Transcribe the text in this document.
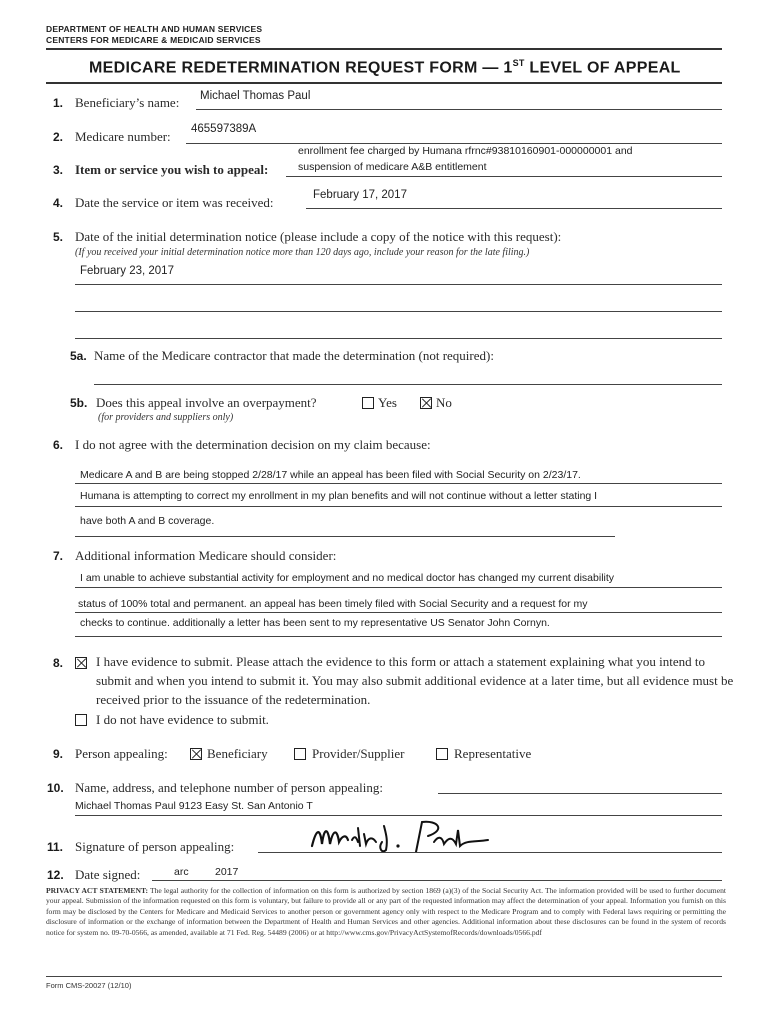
DEPARTMENT OF HEALTH AND HUMAN SERVICES
CENTERS FOR MEDICARE & MEDICAID SERVICES
MEDICARE REDETERMINATION REQUEST FORM — 1ST LEVEL OF APPEAL
1. Beneficiary’s name: Michael Thomas Paul
2. Medicare number: 465597389A
3. Item or service you wish to appeal:
enrollment fee charged by Humana rfrnc#93810160901-000000001 and
suspension of medicare A&B entitlement
4. Date the service or item was received:	February 17, 2017
5. Date of the initial determination notice (please include a copy of the notice with this request):
(If you received your initial determination notice more than 120 days ago, include your reason for the late filing.)
February 23, 2017
5a. Name of the Medicare contractor that made the determination (not required):
5b. Does this appeal involve an overpayment?	Yes	No
(for providers and suppliers only)
6. I do not agree with the determination decision on my claim because:
Medicare A and B are being stopped 2/28/17 while an appeal has been filed with Social Security on 2/23/17.
Humana is attempting to correct my enrollment in my plan benefits and will not continue without a letter stating I
have both A and B coverage.
7. Additional information Medicare should consider:
I am unable to achieve substantial activity for employment and no medical doctor has changed my current disability
status of 100% total and permanent. an appeal has been timely filed with Social Security and a request for my
checks to continue. additionally a letter has been sent to my representative US Senator John Cornyn.
8.	I have evidence to submit. Please attach the evidence to this form or attach a statement explaining what you intend to submit and when you intend to submit it. You may also submit additional evidence at a later time, but all evidence must be received prior to the issuance of the redetermination.
I do not have evidence to submit.
9. Person appealing:	Beneficiary	Provider/Supplier	Representative
10. Name, address, and telephone number of person appealing:
Michael Thomas Paul 9123 Easy St. San Antonio T
11. Signature of person appealing:
12. Date signed:	arc	2017
PRIVACY ACT STATEMENT: The legal authority for the collection of information on this form is authorized by section 1869 (a)(3) of the Social Security Act. The information provided will be used to further document your appeal. Submission of the information requested on this form is voluntary, but failure to provide all or any part of the requested information may affect the determination of your appeal. Information you furnish on this form may be disclosed by the Centers for Medicare and Medicaid Services to another person or government agency only with respect to the Medicare Program and to comply with Federal laws requiring or permitting the disclosure of information or the exchange of information between the Department of Health and Human Services and other agencies. Additional information about these disclosures can be found in the system of records notice for system no. 09-70-0566, as amended, available at 71 Fed. Reg. 54489 (2006) or at http://www.cms.gov/PrivacyActSystemofRecords/downloads/0566.pdf
Form CMS-20027 (12/10)
